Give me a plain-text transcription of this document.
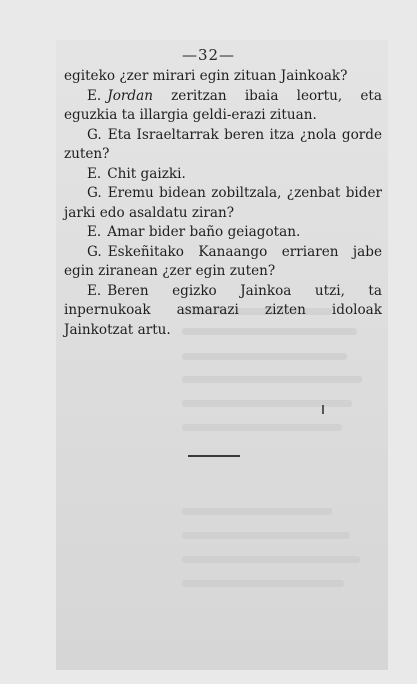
—32—

egiteko ¿zer mirari egin zituan Jainkoak?

E. Jordan zeritzan ibaia leortu, eta eguzkia ta illargia geldi-erazi zituan.

G. Eta Israeltarrak beren itza ¿nola gorde zuten?

E. Chit gaizki.

G. Eremu bidean zobiltzala, ¿zenbat bider jarki edo asaldatu ziran?

E. Amar bider baño geiagotan.

G. Eskeñitako Kanaango erriaren jabe egin ziranean ¿zer egin zuten?

E. Beren egizko Jainkoa utzi, ta inpernukoak asmarazi zizten idoloak Jainkotzat artu.
